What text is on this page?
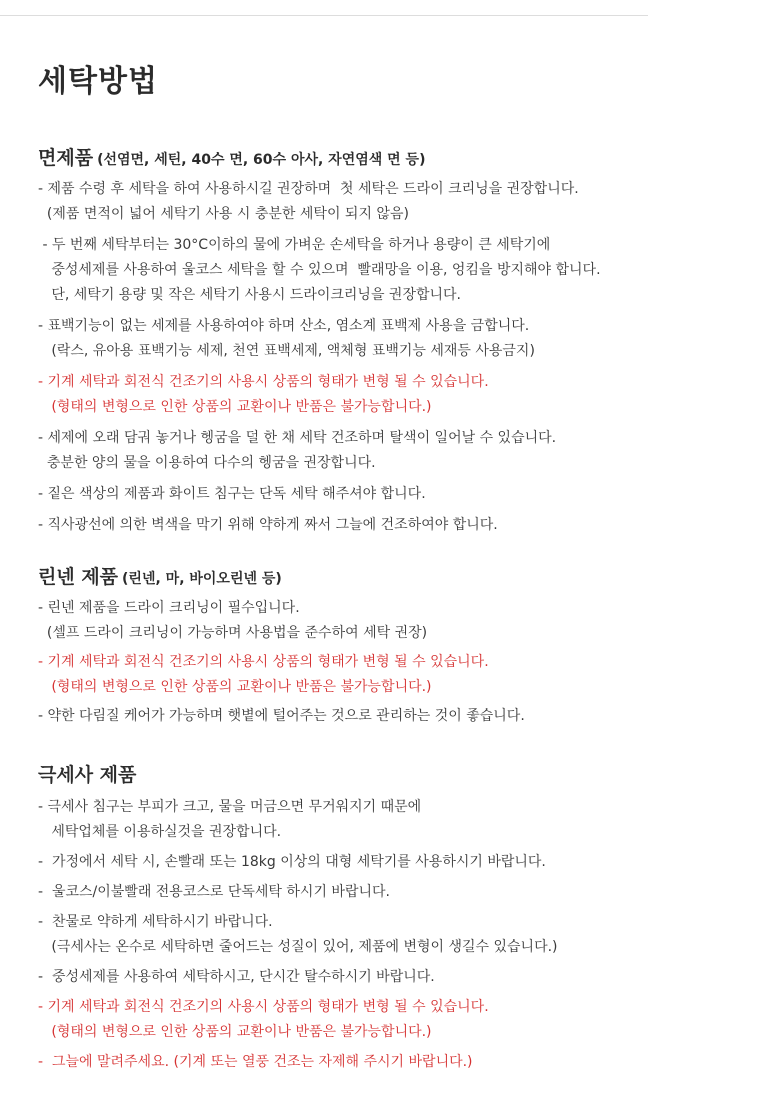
세탁방법

면제품 (선염면, 세틴, 40수 면, 60수 아사, 자연염색 면 등)

- 제품 수령 후 세탁을 하여 사용하시길 권장하며  첫 세탁은 드라이 크리닝을 권장합니다.
(제품 면적이 넓어 세탁기 사용 시 충분한 세탁이 되지 않음)
- 두 번째 세탁부터는 30°C이하의 물에 가벼운 손세탁을 하거나 용량이 큰 세탁기에
중성세제를 사용하여 울코스 세탁을 할 수 있으며  빨래망을 이용, 엉킴을 방지해야 합니다.
단, 세탁기 용량 및 작은 세탁기 사용시 드라이크리닝을 권장합니다.
- 표백기능이 없는 세제를 사용하여야 하며 산소, 염소계 표백제 사용을 금합니다.
(락스, 유아용 표백기능 세제, 천연 표백세제, 액체형 표백기능 세재등 사용금지)
- 기계 세탁과 회전식 건조기의 사용시 상품의 형태가 변형 될 수 있습니다.
(형태의 변형으로 인한 상품의 교환이나 반품은 불가능합니다.)
- 세제에 오래 담궈 놓거나 헹굼을 덜 한 채 세탁 건조하며 탈색이 일어날 수 있습니다.
충분한 양의 물을 이용하여 다수의 헹굼을 권장합니다.
- 짙은 색상의 제품과 화이트 침구는 단독 세탁 해주셔야 합니다.
- 직사광선에 의한 벽색을 막기 위해 약하게 짜서 그늘에 건조하여야 합니다.

린넨 제품 (린넨, 마, 바이오린넨 등)

- 린넨 제품을 드라이 크리닝이 필수입니다.
(셀프 드라이 크리닝이 가능하며 사용법을 준수하여 세탁 권장)
- 기계 세탁과 회전식 건조기의 사용시 상품의 형태가 변형 될 수 있습니다.
(형태의 변형으로 인한 상품의 교환이나 반품은 불가능합니다.)
- 약한 다림질 케어가 가능하며 햇볕에 털어주는 것으로 관리하는 것이 좋습니다.

극세사 제품

- 극세사 침구는 부피가 크고, 물을 머금으면 무거워지기 때문에
세탁업체를 이용하실것을 권장합니다.
-  가정에서 세탁 시, 손빨래 또는 18kg 이상의 대형 세탁기를 사용하시기 바랍니다.
-  울코스/이불빨래 전용코스로 단독세탁 하시기 바랍니다.
-  찬물로 약하게 세탁하시기 바랍니다.
(극세사는 온수로 세탁하면 줄어드는 성질이 있어, 제품에 변형이 생길수 있습니다.)
-  중성세제를 사용하여 세탁하시고, 단시간 탈수하시기 바랍니다.
- 기계 세탁과 회전식 건조기의 사용시 상품의 형태가 변형 될 수 있습니다.
(형태의 변형으로 인한 상품의 교환이나 반품은 불가능합니다.)
-  그늘에 말려주세요. (기계 또는 열풍 건조는 자제해 주시기 바랍니다.)
